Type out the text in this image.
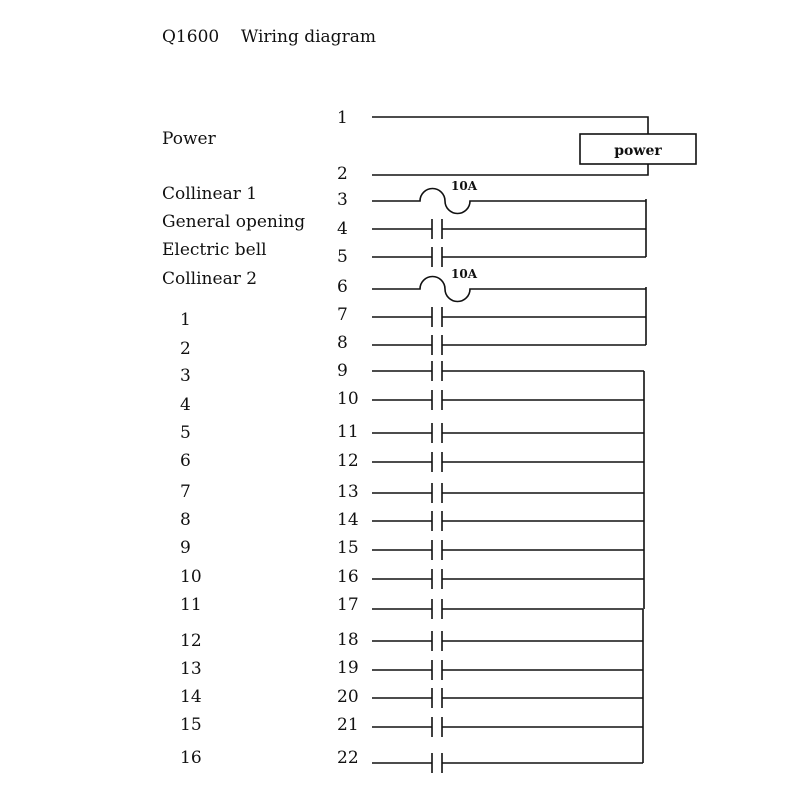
Q1600    Wiring diagram
Power
Collinear 1
General opening
Electric bell
Collinear 2
1
2
3
4
5
6
7
8
9
10
11
12
13
14
15
16
1
2
3
4
5
6
7
8
9
10
11
12
13
14
15
16
17
18
19
20
21
22
power
10A
10A
